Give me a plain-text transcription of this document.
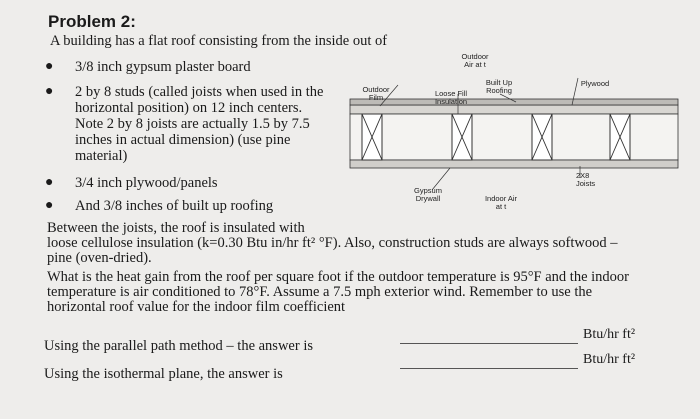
Problem 2:
A building has a flat roof consisting from the inside out of
● 3/8 inch gypsum plaster board
● 2 by 8 studs (called joists when used in the
horizontal position) on 12 inch centers.
Note 2 by 8 joists are actually 1.5 by 7.5
inches in actual dimension) (use pine
material)
● 3/4 inch plywood/panels
● And 3/8 inches of built up roofing
Outdoor
Air at t
Outdoor
Film	Loose Fill
Insulation
Built Up
Roofing
Plywood
Gypsum
Drywall	Indoor Air
at t
2X8
Joists
Between the joists, the roof is insulated with
loose cellulose insulation (k=0.30 Btu in/hr ft² °F). Also, construction studs are always softwood –
pine (oven-dried).
What is the heat gain from the roof per square foot if the outdoor temperature is 95°F and the indoor
temperature is air conditioned to 78°F. Assume a 7.5 mph exterior wind. Remember to use the
horizontal roof value for the indoor film coefficient
Using the parallel path method – the answer is
Btu/hr ft²
Using the isothermal plane, the answer is
Btu/hr ft²
